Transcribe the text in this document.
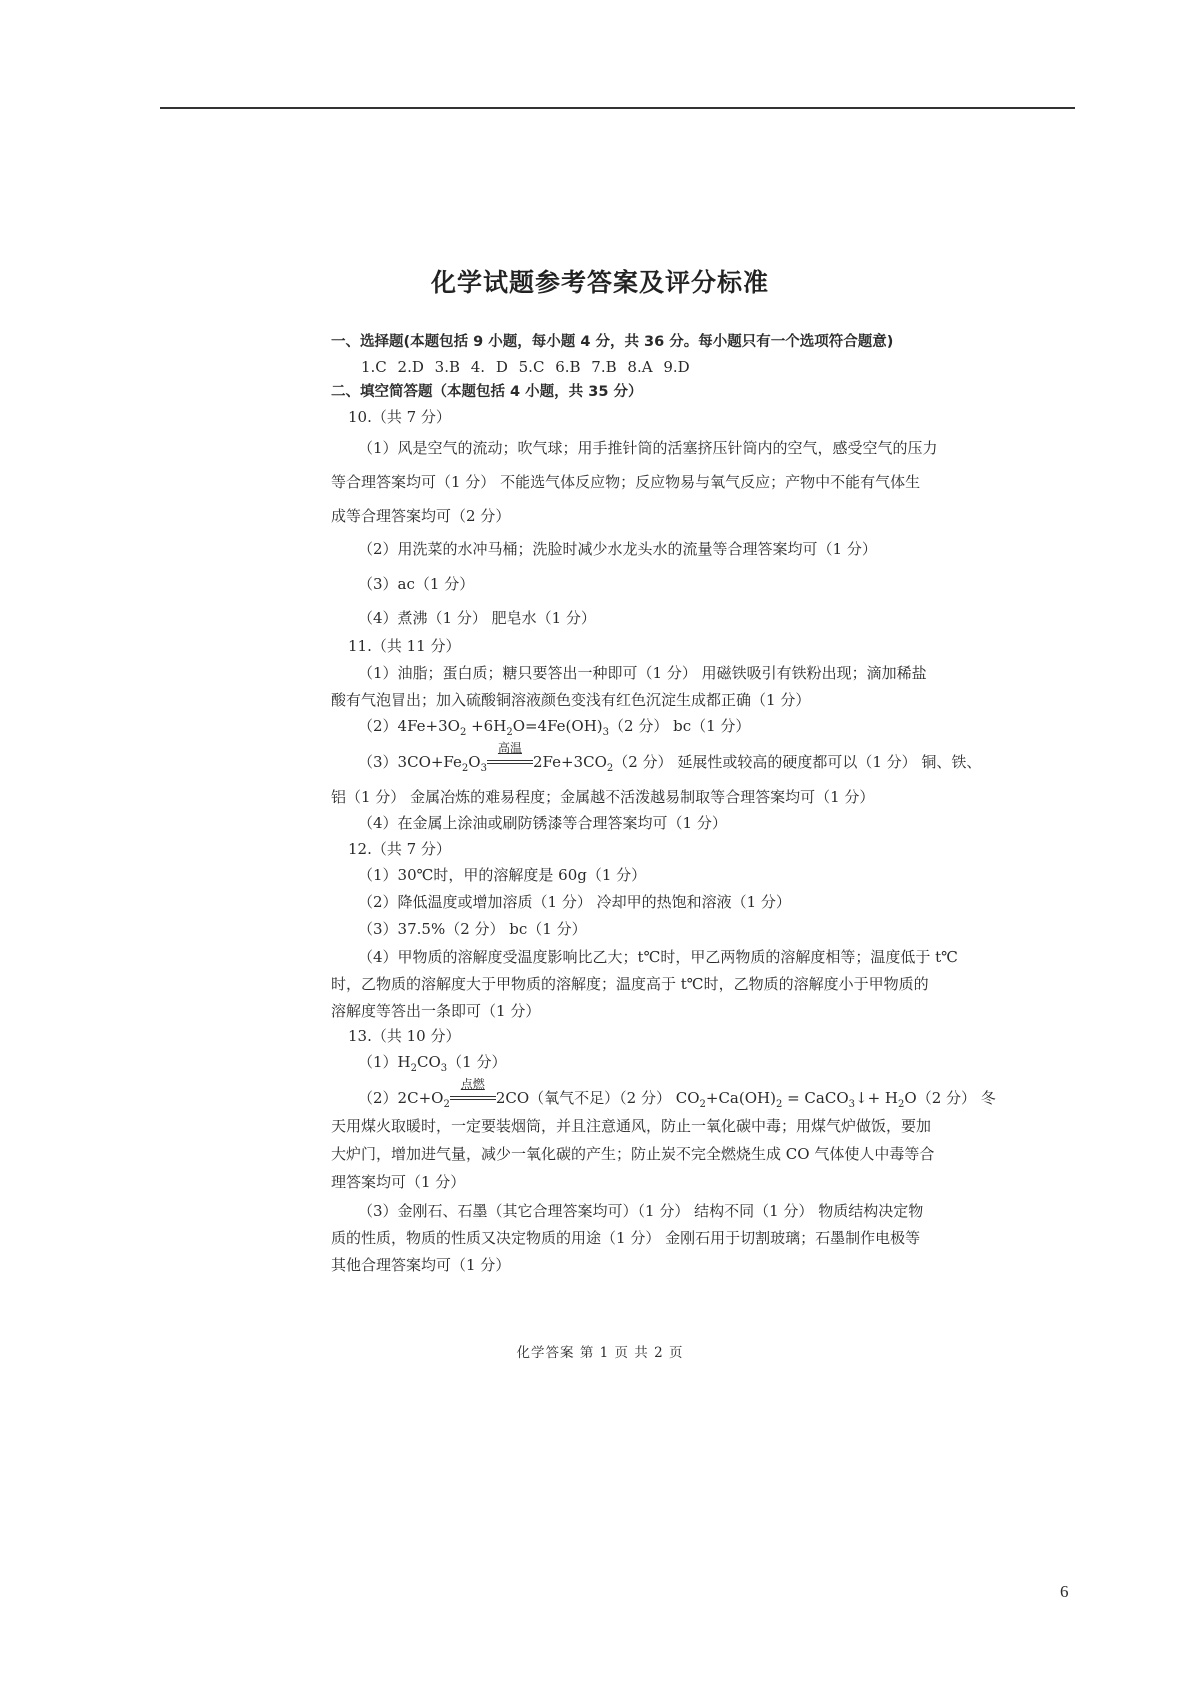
化学试题参考答案及评分标准
一、选择题(本题包括 9 小题，每小题 4 分，共 36 分。每小题只有一个选项符合题意)
1.C 2.D 3.B 4. D 5.C 6.B 7.B 8.A 9.D
二、填空简答题（本题包括 4 小题，共 35 分）
10.（共 7 分）
（1）风是空气的流动；吹气球；用手推针筒的活塞挤压针筒内的空气，感受空气的压力
等合理答案均可（1 分） 不能选气体反应物；反应物易与氧气反应；产物中不能有气体生
成等合理答案均可（2 分）
（2）用洗菜的水冲马桶；洗脸时减少水龙头水的流量等合理答案均可（1 分）
（3）ac（1 分）
（4）煮沸（1 分） 肥皂水（1 分）
11.（共 11 分）
（1）油脂；蛋白质；糖只要答出一种即可（1 分） 用磁铁吸引有铁粉出现；滴加稀盐
酸有气泡冒出；加入硫酸铜溶液颜色变浅有红色沉淀生成都正确（1 分）
$(2)4Fe+3O_2 +6H_2O=4Fe(OH)_3(2$ 分） bc（1 分）
$(3)3CO+Fe_2O_3$
高温
$2Fe+3CO_2(2$ 分） 延展性或较高的硬度都可以（1 分） 铜、铁、
铝（1 分） 金属冶炼的难易程度；金属越不活泼越易制取等合理答案均可（1 分）
（4）在金属上涂油或刷防锈漆等合理答案均可（1 分）
12.（共 7 分）
（1）30℃时，甲的溶解度是 60g（1 分）
（2）降低温度或增加溶质（1 分） 冷却甲的热饱和溶液（1 分）
（3）37.5%（2 分） bc（1 分）
（4）甲物质的溶解度受温度影响比乙大；t℃时，甲乙两物质的溶解度相等；温度低于 t℃
时，乙物质的溶解度大于甲物质的溶解度；温度高于 t℃时，乙物质的溶解度小于甲物质的
溶解度等答出一条即可（1 分）
13.（共 10 分）
$(1)H_2CO_3(1$ 分）
$(2)2C+O_2$
点燃
2CO（氧气不足）（2 分） $CO_2+Ca(OH)_2$ = CaCO$_3$↓+ $H_2O(2$ 分） 冬
天用煤火取暖时，一定要装烟筒，并且注意通风，防止一氧化碳中毒；用煤气炉做饭，要加
大炉门，增加进气量，减少一氧化碳的产生；防止炭不完全燃烧生成 CO 气体使人中毒等合
理答案均可（1 分）
（3）金刚石、石墨（其它合理答案均可）（1 分） 结构不同（1 分） 物质结构决定物
质的性质，物质的性质又决定物质的用途（1 分） 金刚石用于切割玻璃；石墨制作电极等
其他合理答案均可（1 分）
化学答案 第 1 页 共 2 页
6
